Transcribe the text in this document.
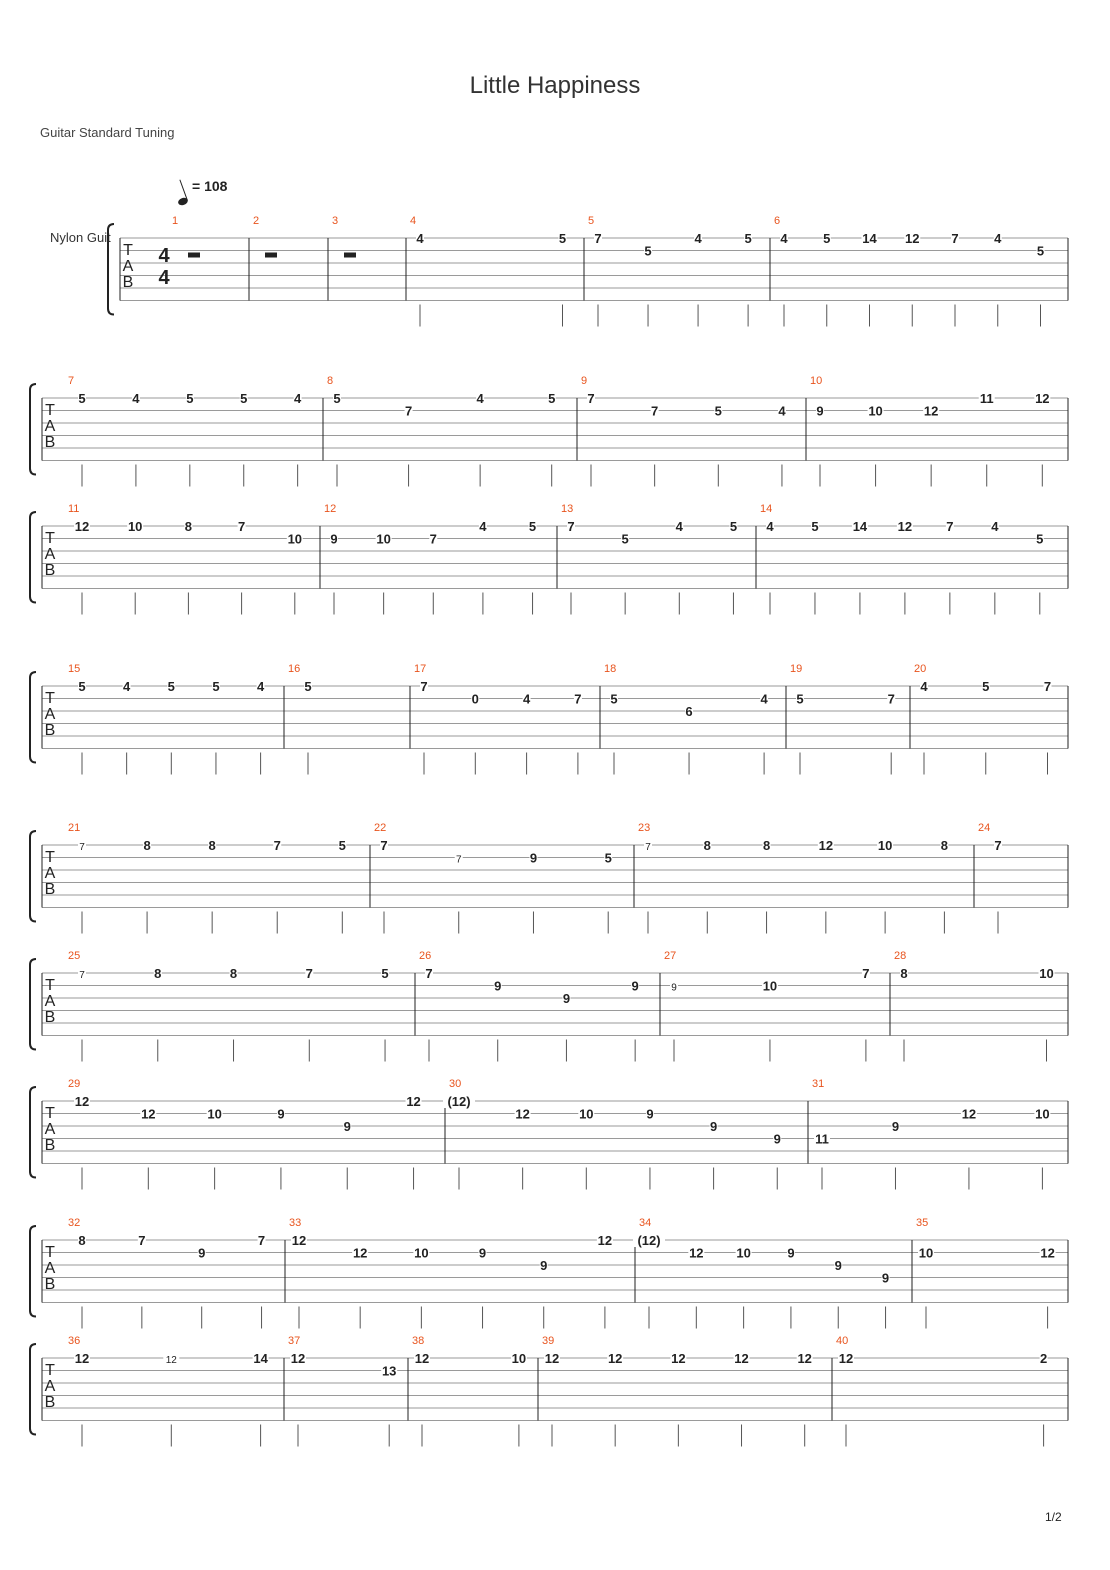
Little Happiness
Guitar Standard Tuning
= 108
Nylon Guit
1/2
T
A
B
4
4
1	2	3	4
4	5
5
7
5
4	5
6
4	5 14 12 7	4
5
T
A
B
7
5	4	5	5	4
8
5
7
4	5
9
7
7	5	4
10
9	10	12
11	12
T
A
B
11
12	10	8	7
10
12
9	10	7
4	5
13
7
5
4	5
14
4	5	14 12	7	4
5
T
A
B
15
5	4	5	5	4
16
5
17
7
0	4	7
18
5
6
4
19
5	7
20
4	5	7
T
A
B
21
7	8	8	7	5
22
7
7	9	5
23
7	8	8	12	10	8
24
7
T
A
B
25
7	8	8	7	5
26
7
9
9
9
27
9	10
7
28
8	10
T
A
B
29
12
12	10	9
9
12
30
(12)
12	10	9
9
9
31
11
9
12	10
T
A
B
32
8	7
9
7
33
12
12	10	9
9
12
34
(12)
12	10	9
9
9
35
10	12
T
A
B
36
12	12	14
37
12
13
38
12	10
39
12	12	12	12	12
40
12	2
